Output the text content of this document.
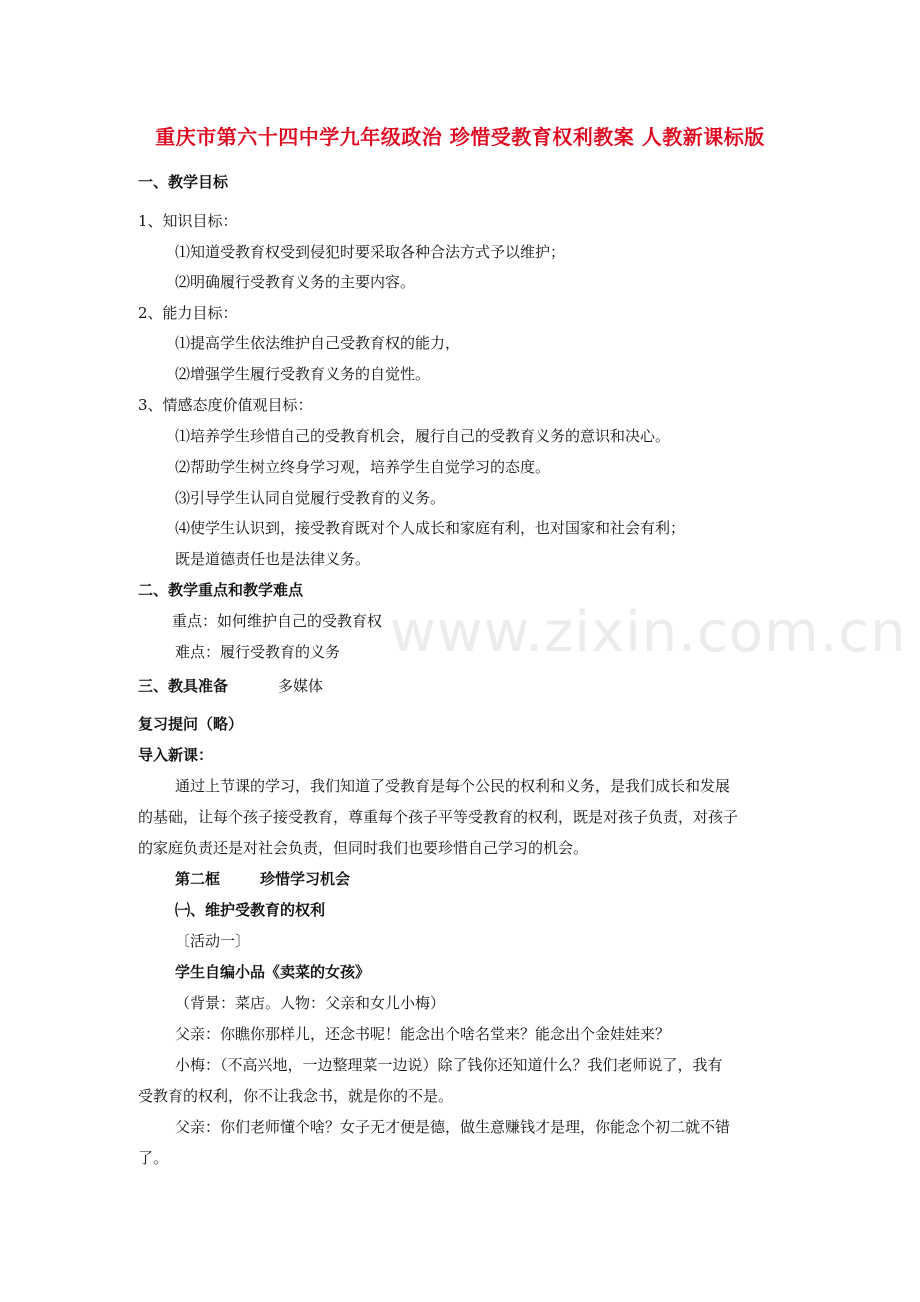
www.zixin.com.cn
重庆市第六十四中学九年级政治 珍惜受教育权利教案 人教新课标版
一、教学目标
1、知识目标：
⑴知道受教育权受到侵犯时要采取各种合法方式予以维护；
⑵明确履行受教育义务的主要内容。
2、能力目标：
⑴提高学生依法维护自己受教育权的能力，
⑵增强学生履行受教育义务的自觉性。
3、情感态度价值观目标：
⑴培养学生珍惜自己的受教育机会，履行自己的受教育义务的意识和决心。
⑵帮助学生树立终身学习观，培养学生自觉学习的态度。
⑶引导学生认同自觉履行受教育的义务。
⑷使学生认识到，接受教育既对个人成长和家庭有利，也对国家和社会有利；
既是道德责任也是法律义务。
二、教学重点和教学难点
重点：如何维护自己的受教育权
难点：履行受教育的义务
三、教具准备	多媒体
复习提问（略）
导入新课：
通过上节课的学习，我们知道了受教育是每个公民的权利和义务，是我们成长和发展
的基础，让每个孩子接受教育，尊重每个孩子平等受教育的权利，既是对孩子负责，对孩子
的家庭负责还是对社会负责，但同时我们也要珍惜自己学习的机会。
第二框	珍惜学习机会
㈠、维护受教育的权利
〔活动一〕
学生自编小品《卖菜的女孩》
（背景：菜店。人物：父亲和女儿小梅）
父亲：你瞧你那样儿，还念书呢！能念出个啥名堂来？能念出个金娃娃来？
小梅：（不高兴地，一边整理菜一边说）除了钱你还知道什么？我们老师说了，我有
受教育的权利，你不让我念书，就是你的不是。
父亲：你们老师懂个啥？女子无才便是德，做生意赚钱才是理，你能念个初二就不错
了。
